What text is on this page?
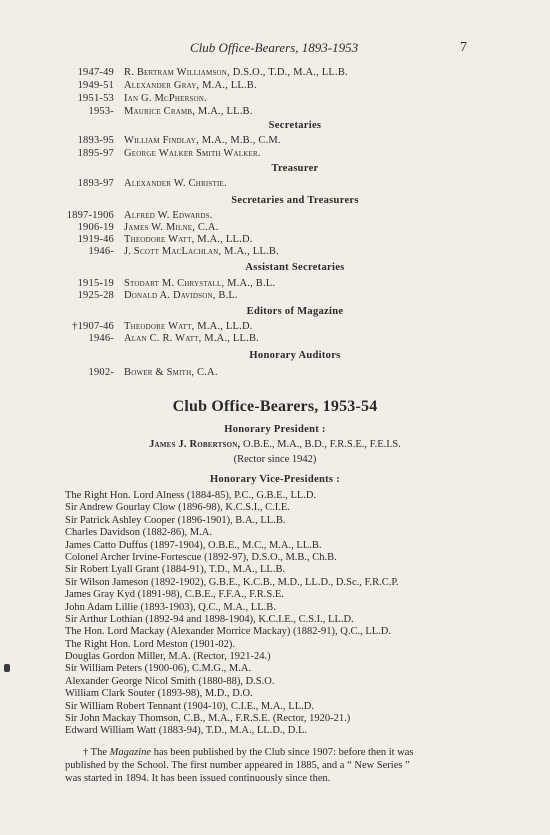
Club Office-Bearers, 1893-1953	7
1947-49 R. Bertram Williamson, D.S.O., T.D., M.A., LL.B.
1949-51 Alexander Gray, M.A., LL.B.
1951-53 Ian G. McPherson.
1953- Maurice Cramb, M.A., LL.B.
Secretaries
1893-95 William Findlay, M.A., M.B., C.M.
1895-97 George Walker Smith Walker.
Treasurer
1893-97 Alexander W. Christie.
Secretaries and Treasurers
1897-1906 Alfred W. Edwards.
1906-19 James W. Milne, C.A.
1919-46 Theodore Watt, M.A., LL.D.
1946- J. Scott MacLachlan, M.A., LL.B.
Assistant Secretaries
1915-19 Stodart M. Chrystall, M.A., B.L.
1925-28 Donald A. Davidson, B.L.
Editors of Magazine
†1907-46 Theodore Watt, M.A., LL.D.
1946- Alan C. R. Watt, M.A., LL.B.
Honorary Auditors
1902- Bower & Smith, C.A.
Club Office-Bearers, 1953-54
Honorary President :
James J. Robertson, O.B.E., M.A., B.D., F.R.S.E., F.E.I.S.
(Rector since 1942)
Honorary Vice-Presidents :
The Right Hon. Lord Alness (1884-85), P.C., G.B.E., LL.D.
Sir Andrew Gourlay Clow (1896-98), K.C.S.I., C.I.E.
Sir Patrick Ashley Cooper (1896-1901), B.A., LL.B.
Charles Davidson (1882-86), M.A.
James Catto Duffus (1897-1904), O.B.E., M.C., M.A., LL.B.
Colonel Archer Irvine-Fortescue (1892-97), D.S.O., M.B., Ch.B.
Sir Robert Lyall Grant (1884-91), T.D., M.A., LL.B.
Sir Wilson Jameson (1892-1902), G.B.E., K.C.B., M.D., LL.D., D.Sc., F.R.C.P.
James Gray Kyd (1891-98), C.B.E., F.F.A., F.R.S.E.
John Adam Lillie (1893-1903), Q.C., M.A., LL.B.
Sir Arthur Lothian (1892-94 and 1898-1904), K.C.I.E., C.S.I., LL.D.
The Hon. Lord Mackay (Alexander Morrice Mackay) (1882-91), Q.C., LL.D.
The Right Hon. Lord Meston (1901-02).
Douglas Gordon Miller, M.A. (Rector, 1921-24.)
Sir William Peters (1900-06), C.M.G., M.A.
Alexander George Nicol Smith (1880-88), D.S.O.
William Clark Souter (1893-98), M.D., D.O.
Sir William Robert Tennant (1904-10), C.I.E., M.A., LL.D.
Sir John Mackay Thomson, C.B., M.A., F.R.S.E. (Rector, 1920-21.)
Edward William Watt (1883-94), T.D., M.A., LL.D., D.L.
† The Magazine has been published by the Club since 1907: before then it was
published by the School. The first number appeared in 1885, and a “ New Series ”
was started in 1894. It has been issued continuously since then.
